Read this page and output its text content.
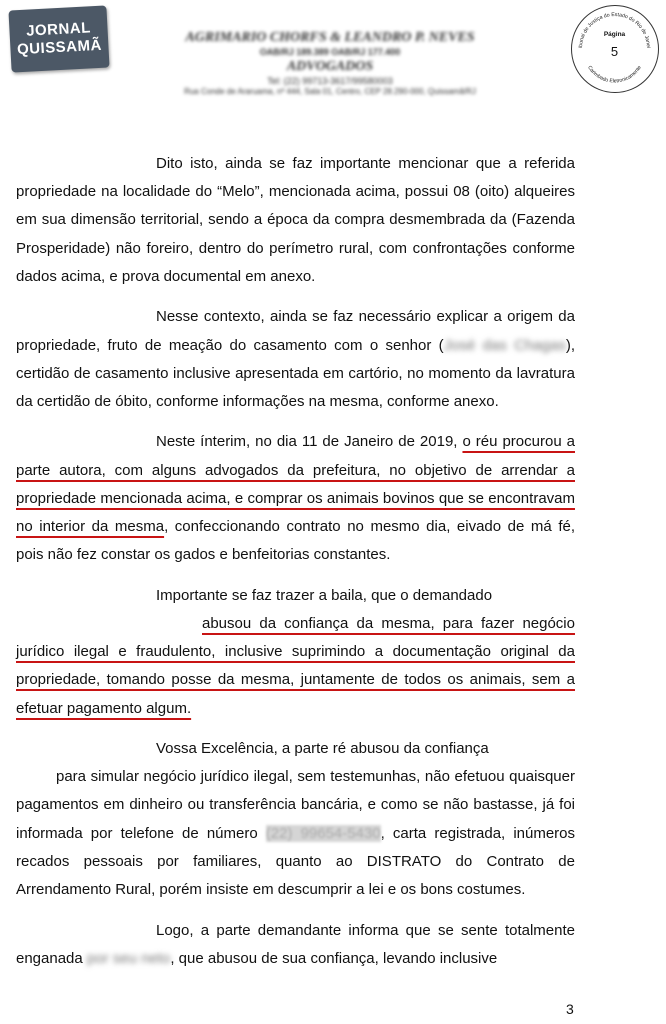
JORNAL
QUISSAMÃ	AGRIMARIO CHORFS & LEANDRO P. NEVES
OAB/RJ 189.389 OAB/RJ 177.400
ADVOGADOS
Tel: (22) 99713-3617/99580003
Rua Conde de Araruama, nº 444, Sala 01, Centro, CEP 28.290-000, Quissamã/RJ
ibunal de Justiça do Estado do Rio de Janei
Carimbado Eletronicamente
Página
5

Dito isto, ainda se faz importante mencionar que a referida propriedade na localidade do “Melo”, mencionada acima, possui 08 (oito) alqueires em sua dimensão territorial, sendo a época da compra desmembrada da (Fazenda Prosperidade) não foreiro, dentro do perímetro rural, com confrontações conforme dados acima, e prova documental em anexo.

Nesse contexto, ainda se faz necessário explicar a origem da propriedade, fruto de meação do casamento com o senhor (José das Chagas), certidão de casamento inclusive apresentada em cartório, no momento da lavratura da certidão de óbito, conforme informações na mesma, conforme anexo.

Neste ínterim, no dia 11 de Janeiro de 2019, o réu procurou a parte autora, com alguns advogados da prefeitura, no objetivo de arrendar a propriedade mencionada acima, e comprar os animais bovinos que se encontravam no interior da mesma, confeccionando contrato no mesmo dia, eivado de má fé, pois não fez constar os gados e benfeitorias constantes.

Importante se faz trazer a baila, que o demandado
abusou da confiança da mesma, para fazer negócio jurídico ilegal e fraudulento, inclusive suprimindo a documentação original da propriedade, tomando posse da mesma, juntamente de todos os animais, sem a efetuar pagamento algum.

Vossa Excelência, a parte ré abusou da confiança
para simular negócio jurídico ilegal, sem testemunhas, não efetuou quaisquer pagamentos em dinheiro ou transferência bancária, e como se não bastasse, já foi informada por telefone de número (22) 99654-5430, carta registrada, inúmeros recados pessoais por familiares, quanto ao DISTRATO do Contrato de Arrendamento Rural, porém insiste em descumprir a lei e os bons costumes.

Logo, a parte demandante informa que se sente totalmente enganada por seu neto, que abusou de sua confiança, levando inclusive

3
